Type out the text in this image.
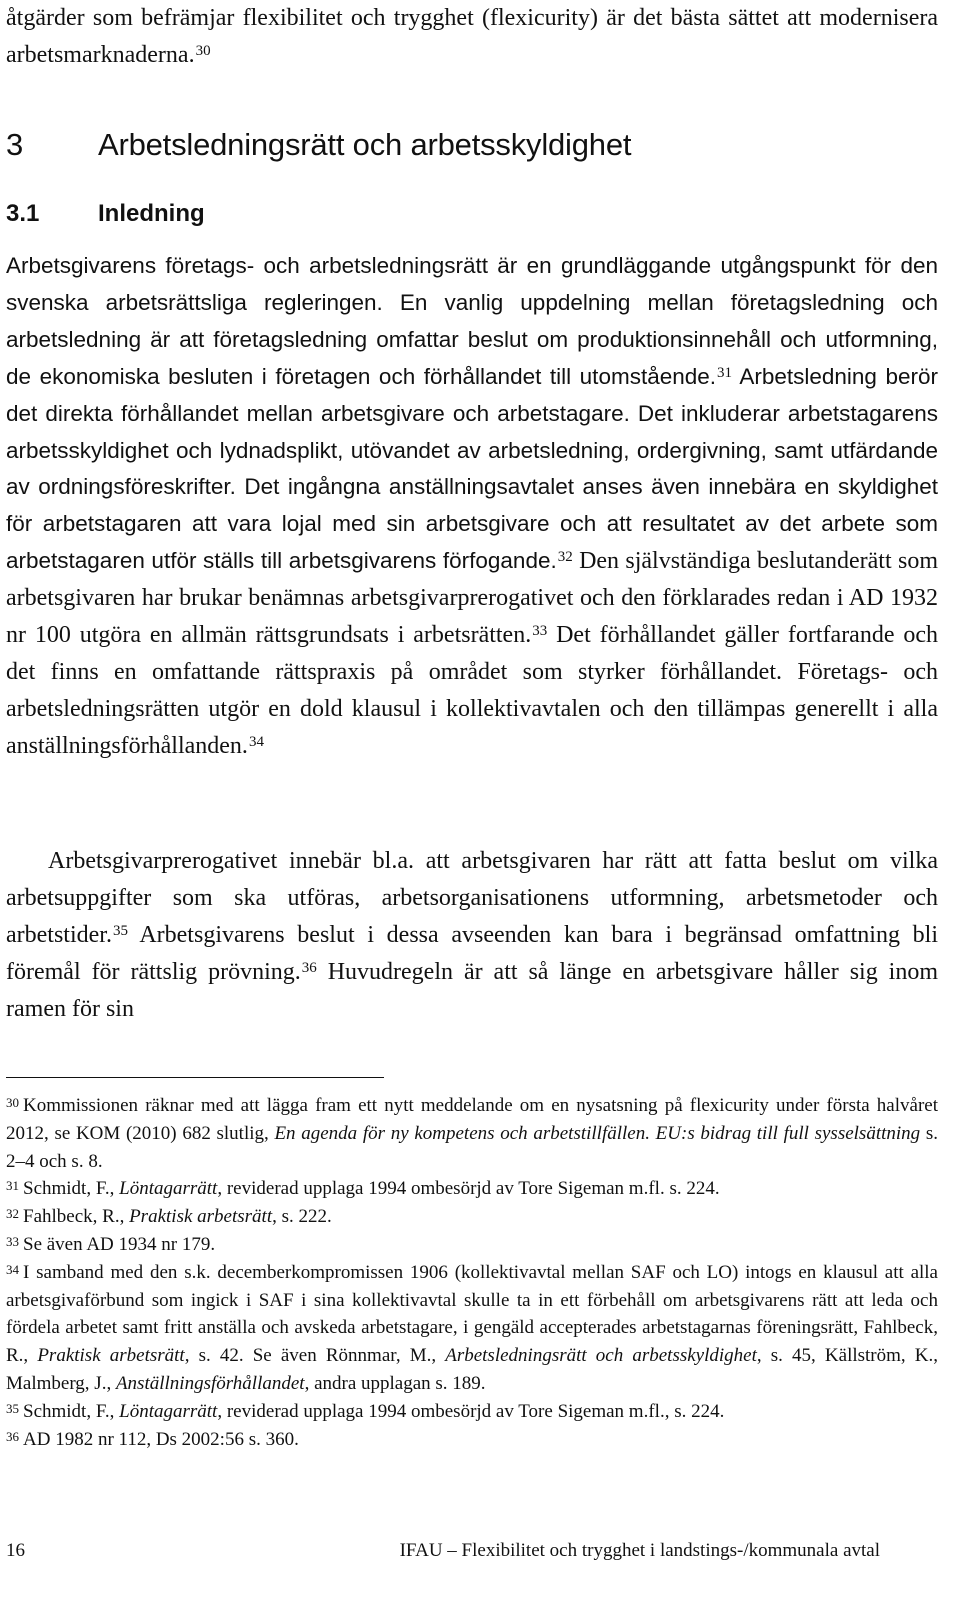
åtgärder som befrämjar flexibilitet och trygghet (flexicurity) är det bästa sättet att modernisera arbetsmarknaderna.$^{30}$

3 Arbetsledningsrätt och arbetsskyldighet
3.1 Inledning

Arbetsgivarens företags- och arbetsledningsrätt är en grundläggande utgångspunkt för den svenska arbetsrättsliga regleringen. En vanlig uppdelning mellan företagsledning och arbetsledning är att företagsledning omfattar beslut om produktionsinnehåll och utformning, de ekonomiska besluten i företagen och förhållandet till utomstående.$^{31}$ Arbetsledning berör det direkta förhållandet mellan arbetsgivare och arbetstagare. Det inkluderar arbetstagarens arbetsskyldighet och lydnadsplikt, utövandet av arbetsledning, ordergivning, samt utfärdande av ordningsföreskrifter. Det ingångna anställningsavtalet anses även innebära en skyldighet för arbetstagaren att vara lojal med sin arbetsgivare och att resultatet av det arbete som arbetstagaren utför ställs till arbetsgivarens förfogande.$^{32}$ Den självständiga beslutanderätt som arbetsgivaren har brukar benämnas arbetsgivarprerogativet och den förklarades redan i AD 1932 nr 100 utgöra en allmän rättsgrundsats i arbetsrätten.$^{33}$ Det förhållandet gäller fortfarande och det finns en omfattande rättspraxis på området som styrker förhållandet. Företags- och arbetsledningsrätten utgör en dold klausul i kollektivavtalen och den tillämpas generellt i alla anställningsförhållanden.$^{34}$

Arbetsgivarprerogativet innebär bl.a. att arbetsgivaren har rätt att fatta beslut om vilka arbetsuppgifter som ska utföras, arbetsorganisationens utformning, arbetsmetoder och arbetstider.$^{35}$ Arbetsgivarens beslut i dessa avseenden kan bara i begränsad omfattning bli föremål för rättslig prövning.$^{36}$ Huvudregeln är att så länge en arbetsgivare håller sig inom ramen för sin

$^{30}$ Kommissionen räknar med att lägga fram ett nytt meddelande om en nysatsning på flexicurity under första halvåret 2012, se KOM (2010) 682 slutlig, En agenda för ny kompetens och arbetstillfällen. EU:s bidrag till full sysselsättning s. 2–4 och s. 8.

$^{31}$ Schmidt, F., Löntagarrätt, reviderad upplaga 1994 ombesörjd av Tore Sigeman m.fl. s. 224.

$^{32}$ Fahlbeck, R., Praktisk arbetsrätt, s. 222.

$^{33}$ Se även AD 1934 nr 179.

$^{34}$ I samband med den s.k. decemberkompromissen 1906 (kollektivavtal mellan SAF och LO) intogs en klausul att alla arbetsgivaförbund som ingick i SAF i sina kollektivavtal skulle ta in ett förbehåll om arbetsgivarens rätt att leda och fördela arbetet samt fritt anställa och avskeda arbetstagare, i gengäld accepterades arbetstagarnas föreningsrätt, Fahlbeck, R., Praktisk arbetsrätt, s. 42. Se även Rönnmar, M., Arbetsledningsrätt och arbetsskyldighet, s. 45, Källström, K., Malmberg, J., Anställningsförhållandet, andra upplagan s. 189.

$^{35}$ Schmidt, F., Löntagarrätt, reviderad upplaga 1994 ombesörjd av Tore Sigeman m.fl., s. 224.

$^{36}$ AD 1982 nr 112, Ds 2002:56 s. 360.

16	IFAU – Flexibilitet och trygghet i landstings-/kommunala avtal
